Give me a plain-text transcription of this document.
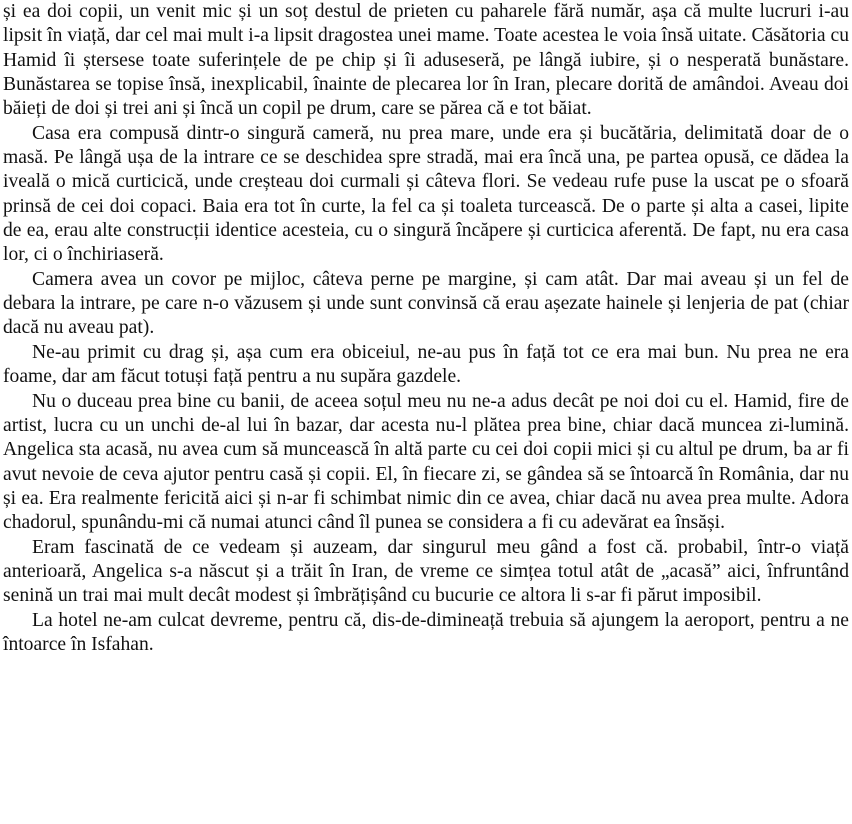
și ea doi copii, un venit mic și un soț destul de prieten cu paharele fără număr, așa că multe lucruri i-au lipsit în viață, dar cel mai mult i-a lipsit dragostea unei mame. Toate acestea le voia însă uitate. Căsătoria cu Hamid îi ștersese toate suferințele de pe chip și îi aduseseră, pe lângă iubire, și o nesperată bunăstare. Bunăstarea se topise însă, inexplicabil, înainte de plecarea lor în Iran, plecare dorită de amândoi. Aveau doi băieți de doi și trei ani și încă un copil pe drum, care se părea că e tot băiat.

Casa era compusă dintr-o singură cameră, nu prea mare, unde era și bucătăria, delimitată doar de o masă. Pe lângă ușa de la intrare ce se deschidea spre stradă, mai era încă una, pe partea opusă, ce dădea la iveală o mică curticică, unde creșteau doi curmali și câteva flori. Se vedeau rufe puse la uscat pe o sfoară prinsă de cei doi copaci. Baia era tot în curte, la fel ca și toaleta turcească. De o parte și alta a casei, lipite de ea, erau alte construcții identice acesteia, cu o singură încăpere și curticica aferentă. De fapt, nu era casa lor, ci o închiriaseră.

Camera avea un covor pe mijloc, câteva perne pe margine, și cam atât. Dar mai aveau și un fel de debara la intrare, pe care n-o văzusem și unde sunt convinsă că erau așezate hainele și lenjeria de pat (chiar dacă nu aveau pat).

Ne-au primit cu drag și, așa cum era obiceiul, ne-au pus în față tot ce era mai bun. Nu prea ne era foame, dar am făcut totuși față pentru a nu supăra gazdele.

Nu o duceau prea bine cu banii, de aceea soțul meu nu ne-a adus decât pe noi doi cu el. Hamid, fire de artist, lucra cu un unchi de-al lui în bazar, dar acesta nu-l plătea prea bine, chiar dacă muncea zi-lumină. Angelica sta acasă, nu avea cum să muncească în altă parte cu cei doi copii mici și cu altul pe drum, ba ar fi avut nevoie de ceva ajutor pentru casă și copii. El, în fiecare zi, se gândea să se întoarcă în România, dar nu și ea. Era realmente fericită aici și n-ar fi schimbat nimic din ce avea, chiar dacă nu avea prea multe. Adora chadorul, spunându-mi că numai atunci când îl punea se considera a fi cu adevărat ea însăși.

Eram fascinată de ce vedeam și auzeam, dar singurul meu gând a fost că. probabil, într-o viață anterioară, Angelica s-a născut și a trăit în Iran, de vreme ce simțea totul atât de „acasă” aici, înfruntând senină un trai mai mult decât modest și îmbrățișând cu bucurie ce altora li s-ar fi părut imposibil.

La hotel ne-am culcat devreme, pentru că, dis-de-dimineață trebuia să ajungem la aeroport, pentru a ne întoarce în Isfahan.
